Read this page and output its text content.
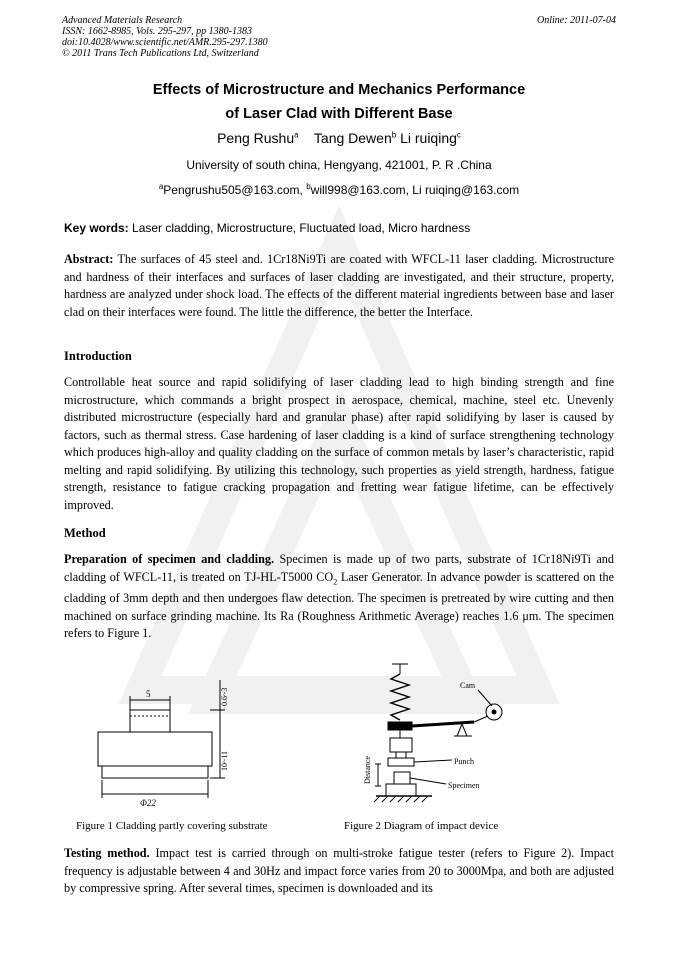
Advanced Materials Research
ISSN: 1662-8985, Vols. 295-297, pp 1380-1383
doi:10.4028/www.scientific.net/AMR.295-297.1380
© 2011 Trans Tech Publications Ltd, Switzerland
Online: 2011-07-04
Effects of Microstructure and Mechanics Performance
of Laser Clad with Different Base
Peng Rushu$^a$ Tang Dewen$^b$ Li ruiqing$^c$
University of south china, Hengyang, 421001, P. R .China
$^a$Pengrushu505@163.com, $^b$will998@163.com, Li ruiqing@163.com
Key words: Laser cladding, Microstructure, Fluctuated load, Micro hardness
Abstract: The surfaces of 45 steel and. 1Cr18Ni9Ti are coated with WFCL-11 laser cladding. Microstructure and hardness of their interfaces and surfaces of laser cladding are investigated, and their structure, property, hardness are analyzed under shock load. The effects of the different material ingredients between base and laser clad on their interfaces were found. The little the difference, the better the Interface.
Introduction
Controllable heat source and rapid solidifying of laser cladding lead to high binding strength and fine microstructure, which commands a bright prospect in aerospace, chemical, machine, steel etc. Unevenly distributed microstructure (especially hard and granular phase) after rapid solidifying by laser is caused by factors, such as thermal stress. Case hardening of laser cladding is a kind of surface strengthening technology which produces high-alloy and quality cladding on the surface of common metals by laser’s characteristic, rapid melting and rapid solidifying. By utilizing this technology, such properties as yield strength, hardness, fatigue strength, resistance to fatigue cracking propagation and fretting wear fatigue lifetime, can be effectively improved.
Method
Preparation of specimen and cladding. Specimen is made up of two parts, substrate of 1Cr18Ni9Ti and cladding of WFCL-11, is treated on TJ-HL-T5000 $CO_2$ Laser Generator. In advance powder is scattered on the cladding of 3mm depth and then undergoes flaw detection. The specimen is pretreated by wire cutting and then machined on surface grinding machine. Its Ra (Roughness Arithmetic Average) reaches 1.6 μm. The specimen refers to Figure 1.
5	0.6~3
10~11
Φ22
Figure 1 Cladding partly covering substrate
Cam
Punch
Specimen
Distance
Figure 2 Diagram of impact device
Testing method. Impact test is carried through on multi-stroke fatigue tester (refers to Figure 2). Impact frequency is adjustable between 4 and 30Hz and impact force varies from 20 to 3000Mpa, and both are adjusted by compressive spring. After several times, specimen is downloaded and its
